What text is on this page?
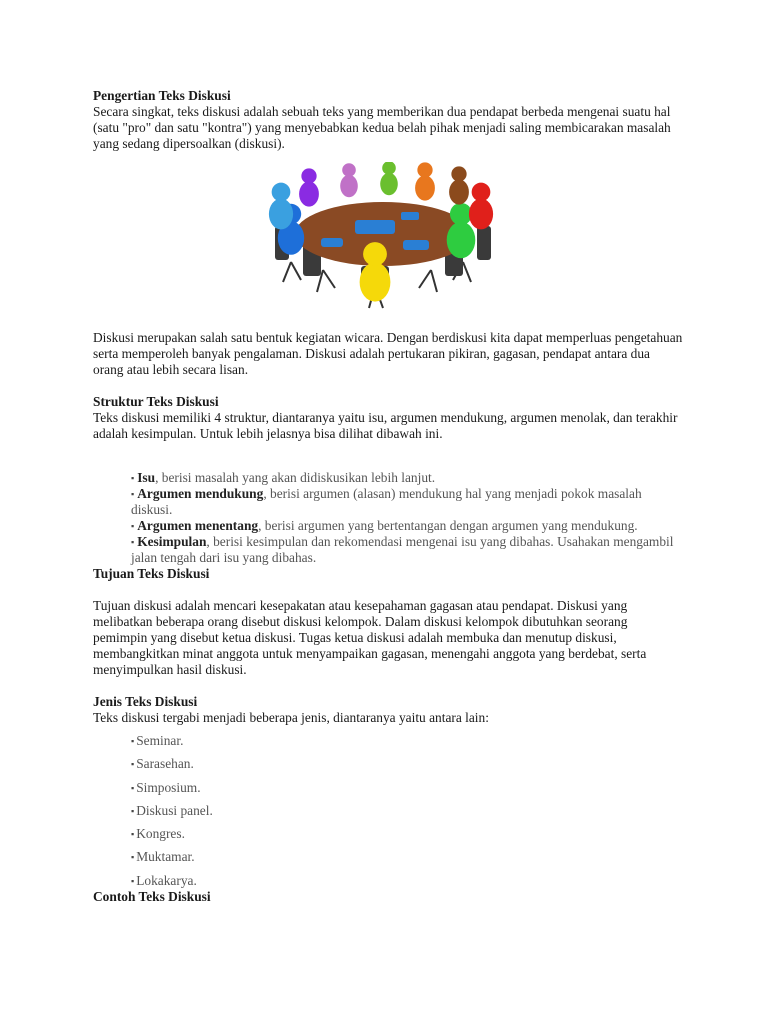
Pengertian Teks Diskusi

Secara singkat, teks diskusi adalah sebuah teks yang memberikan dua pendapat berbeda mengenai suatu hal (satu "pro" dan satu "kontra") yang menyebabkan kedua belah pihak menjadi saling membicarakan masalah yang sedang dipersoalkan (diskusi).

Diskusi merupakan salah satu bentuk kegiatan wicara. Dengan berdiskusi kita dapat memperluas pengetahuan serta memperoleh banyak pengalaman. Diskusi adalah pertukaran pikiran, gagasan, pendapat antara dua orang atau lebih secara lisan.

Struktur Teks Diskusi

Teks diskusi memiliki 4 struktur, diantaranya yaitu isu, argumen mendukung, argumen menolak, dan terakhir adalah kesimpulan. Untuk lebih jelasnya bisa dilihat dibawah ini.

▪ Isu, berisi masalah yang akan didiskusikan lebih lanjut.
▪ Argumen mendukung, berisi argumen (alasan) mendukung hal yang menjadi pokok masalah diskusi.
▪ Argumen menentang, berisi argumen yang bertentangan dengan argumen yang mendukung.
▪ Kesimpulan, berisi kesimpulan dan rekomendasi mengenai isu yang dibahas. Usahakan mengambil jalan tengah dari isu yang dibahas.
Tujuan Teks Diskusi

Tujuan diskusi adalah mencari kesepakatan atau kesepahaman gagasan atau pendapat. Diskusi yang melibatkan beberapa orang disebut diskusi kelompok. Dalam diskusi kelompok dibutuhkan seorang pemimpin yang disebut ketua diskusi. Tugas ketua diskusi adalah membuka dan menutup diskusi, membangkitkan minat anggota untuk menyampaikan gagasan, menengahi anggota yang berdebat, serta menyimpulkan hasil diskusi.

Jenis Teks Diskusi

Teks diskusi tergabi menjadi beberapa jenis, diantaranya yaitu antara lain:

▪ Seminar.
▪ Sarasehan.
▪ Simposium.
▪ Diskusi panel.
▪ Kongres.
▪ Muktamar.
▪ Lokakarya.
Contoh Teks Diskusi
